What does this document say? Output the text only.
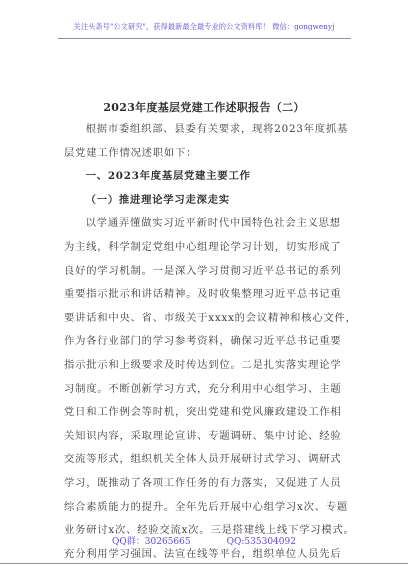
关注头条号"公文研究"，获得最新最全最专业的公文资料库！ 微信：gongwenyj
2023年度基层党建工作述职报告（二）
根据市委组织部、县委有关要求，现将2023年度抓基
层党建工作情况述职如下：
一、2023年度基层党建主要工作
（一）推进理论学习走深走实
以学通弄懂做实习近平新时代中国特色社会主义思想
为主线，科学制定党组中心组理论学习计划，切实形成了
良好的学习机制。一是深入学习贯彻习近平总书记的系列
重要指示批示和讲话精神。及时收集整理习近平总书记重
要讲话和中央、省、市级关于xxxx的会议精神和核心文件，
作为各行业部门的学习参考资料，确保习近平总书记重要
指示批示和上级要求及时传达到位。二是扎实落实理论学
习制度。不断创新学习方式，充分利用中心组学习、主题
党日和工作例会等时机，突出党建和党风廉政建设工作相
关知识内容，采取理论宣讲、专题调研、集中讨论、经验
交流等形式，组织机关全体人员开展研讨式学习、调研式
学习，既推动了各项工作任务的有力落实，又促进了人员
综合素质能力的提升。全年先后开展中心组学习x次、专题
业务研讨x次、经验交流x次。三是搭建线上线下学习模式。
充分利用学习强国、法宣在线等平台，组织单位人员先后
QQ群：30265665	QQ:535304092
